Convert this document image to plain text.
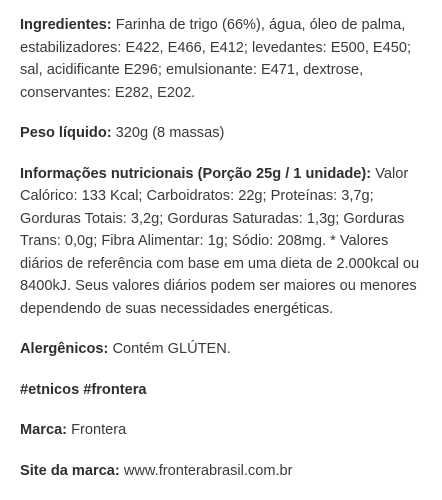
Ingredientes: Farinha de trigo (66%), água, óleo de palma, estabilizadores: E422, E466, E412; levedantes: E500, E450; sal, acidificante E296; emulsionante: E471, dextrose, conservantes: E282, E202.

Peso líquido: 320g (8 massas)

Informações nutricionais (Porção 25g / 1 unidade): Valor Calórico: 133 Kcal; Carboidratos: 22g; Proteínas: 3,7g; Gorduras Totais: 3,2g; Gorduras Saturadas: 1,3g; Gorduras Trans: 0,0g; Fibra Alimentar: 1g; Sódio: 208mg. * Valores diários de referência com base em uma dieta de 2.000kcal ou 8400kJ. Seus valores diários podem ser maiores ou menores dependendo de suas necessidades energéticas.

Alergênicos: Contém GLÚTEN.

#etnicos #frontera

Marca: Frontera

Site da marca: www.fronterabrasil.com.br
